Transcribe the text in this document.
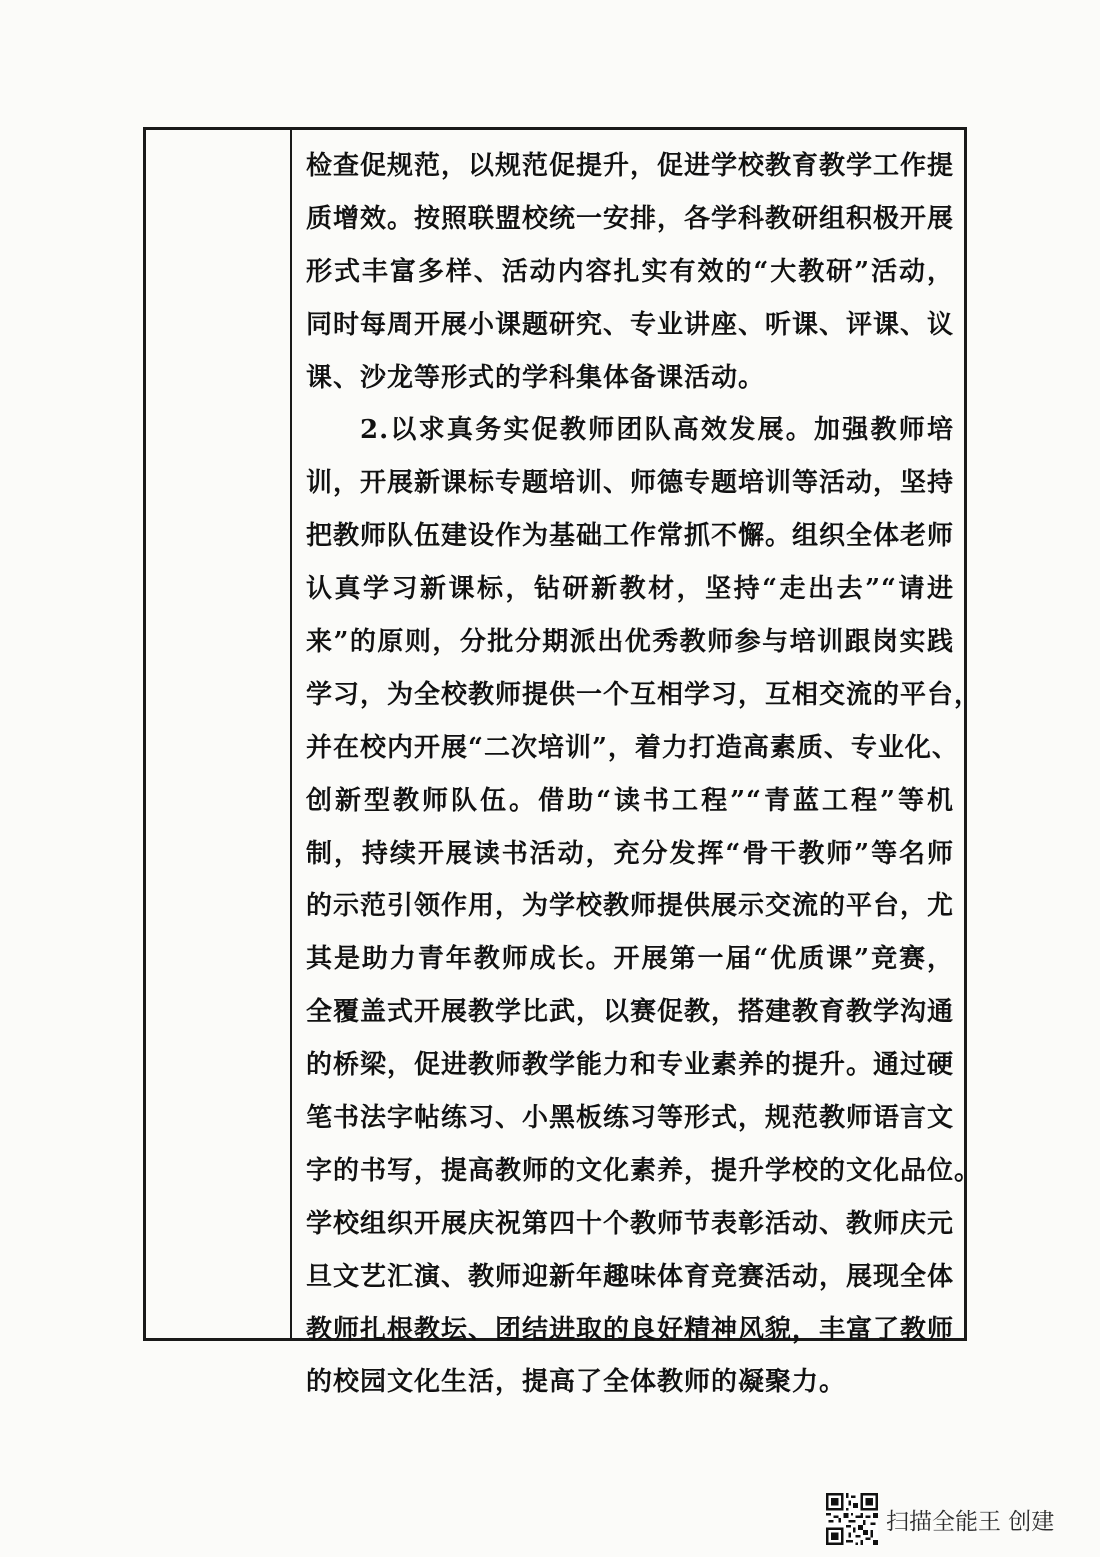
检查促规范，以规范促提升，促进学校教育教学工作提
质增效。按照联盟校统一安排，各学科教研组积极开展
形式丰富多样、活动内容扎实有效的“大教研”活动，
同时每周开展小课题研究、专业讲座、听课、评课、议
课、沙龙等形式的学科集体备课活动。
2.以求真务实促教师团队高效发展。加强教师培
训，开展新课标专题培训、师德专题培训等活动，坚持
把教师队伍建设作为基础工作常抓不懈。组织全体老师
认真学习新课标，钻研新教材，坚持“走出去”“请进
来”的原则，分批分期派出优秀教师参与培训跟岗实践
学习，为全校教师提供一个互相学习，互相交流的平台，
并在校内开展“二次培训”，着力打造高素质、专业化、
创新型教师队伍。借助“读书工程”“青蓝工程”等机
制，持续开展读书活动，充分发挥“骨干教师”等名师
的示范引领作用，为学校教师提供展示交流的平台，尤
其是助力青年教师成长。开展第一届“优质课”竞赛，
全覆盖式开展教学比武，以赛促教，搭建教育教学沟通
的桥梁，促进教师教学能力和专业素养的提升。通过硬
笔书法字帖练习、小黑板练习等形式，规范教师语言文
字的书写，提高教师的文化素养，提升学校的文化品位。
学校组织开展庆祝第四十个教师节表彰活动、教师庆元
旦文艺汇演、教师迎新年趣味体育竞赛活动，展现全体
教师扎根教坛、团结进取的良好精神风貌，丰富了教师
的校园文化生活，提高了全体教师的凝聚力。
扫描全能王 创建
